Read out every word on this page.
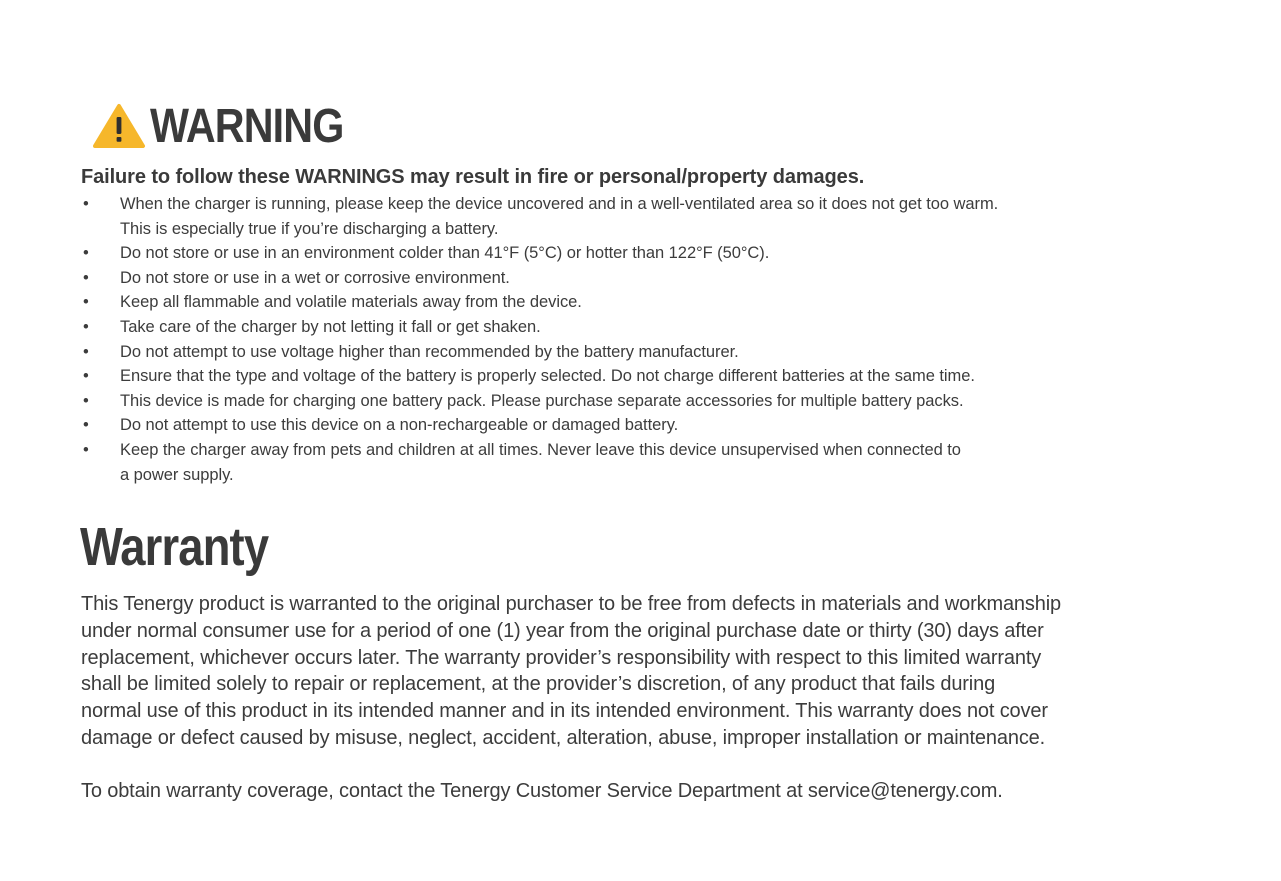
WARNING
Failure to follow these WARNINGS may result in fire or personal/property damages.
• When the charger is running, please keep the device uncovered and in a well-ventilated area so it does not get too warm.
This is especially true if you’re discharging a battery.
• Do not store or use in an environment colder than 41°F (5°C) or hotter than 122°F (50°C).
• Do not store or use in a wet or corrosive environment.
• Keep all flammable and volatile materials away from the device.
• Take care of the charger by not letting it fall or get shaken.
• Do not attempt to use voltage higher than recommended by the battery manufacturer.
• Ensure that the type and voltage of the battery is properly selected. Do not charge different batteries at the same time.
• This device is made for charging one battery pack. Please purchase separate accessories for multiple battery packs.
• Do not attempt to use this device on a non-rechargeable or damaged battery.
• Keep the charger away from pets and children at all times. Never leave this device unsupervised when connected to
a power supply.
Warranty
This Tenergy product is warranted to the original purchaser to be free from defects in materials and workmanship
under normal consumer use for a period of one (1) year from the original purchase date or thirty (30) days after
replacement, whichever occurs later. The warranty provider’s responsibility with respect to this limited warranty
shall be limited solely to repair or replacement, at the provider’s discretion, of any product that fails during
normal use of this product in its intended manner and in its intended environment. This warranty does not cover
damage or defect caused by misuse, neglect, accident, alteration, abuse, improper installation or maintenance.
To obtain warranty coverage, contact the Tenergy Customer Service Department at service@tenergy.com.
